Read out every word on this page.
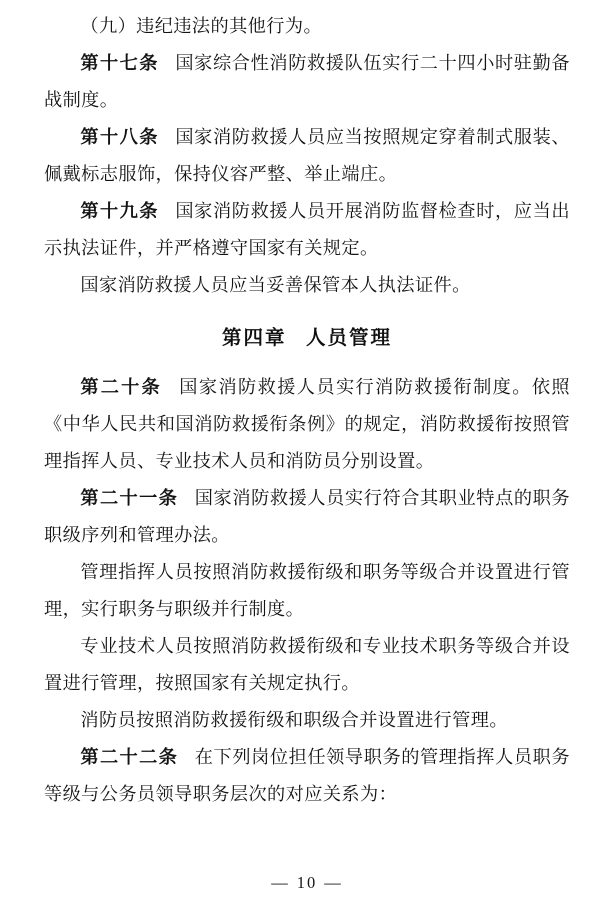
（九）违纪违法的其他行为。

第十七条 国家综合性消防救援队伍实行二十四小时驻勤备战制度。

第十八条 国家消防救援人员应当按照规定穿着制式服装、佩戴标志服饰，保持仪容严整、举止端庄。

第十九条 国家消防救援人员开展消防监督检查时，应当出示执法证件，并严格遵守国家有关规定。

国家消防救援人员应当妥善保管本人执法证件。

第四章 人员管理

第二十条 国家消防救援人员实行消防救援衔制度。依照《中华人民共和国消防救援衔条例》的规定，消防救援衔按照管理指挥人员、专业技术人员和消防员分别设置。

第二十一条 国家消防救援人员实行符合其职业特点的职务职级序列和管理办法。

管理指挥人员按照消防救援衔级和职务等级合并设置进行管理，实行职务与职级并行制度。

专业技术人员按照消防救援衔级和专业技术职务等级合并设置进行管理，按照国家有关规定执行。

消防员按照消防救援衔级和职级合并设置进行管理。

第二十二条 在下列岗位担任领导职务的管理指挥人员职务等级与公务员领导职务层次的对应关系为：

— 10 —
